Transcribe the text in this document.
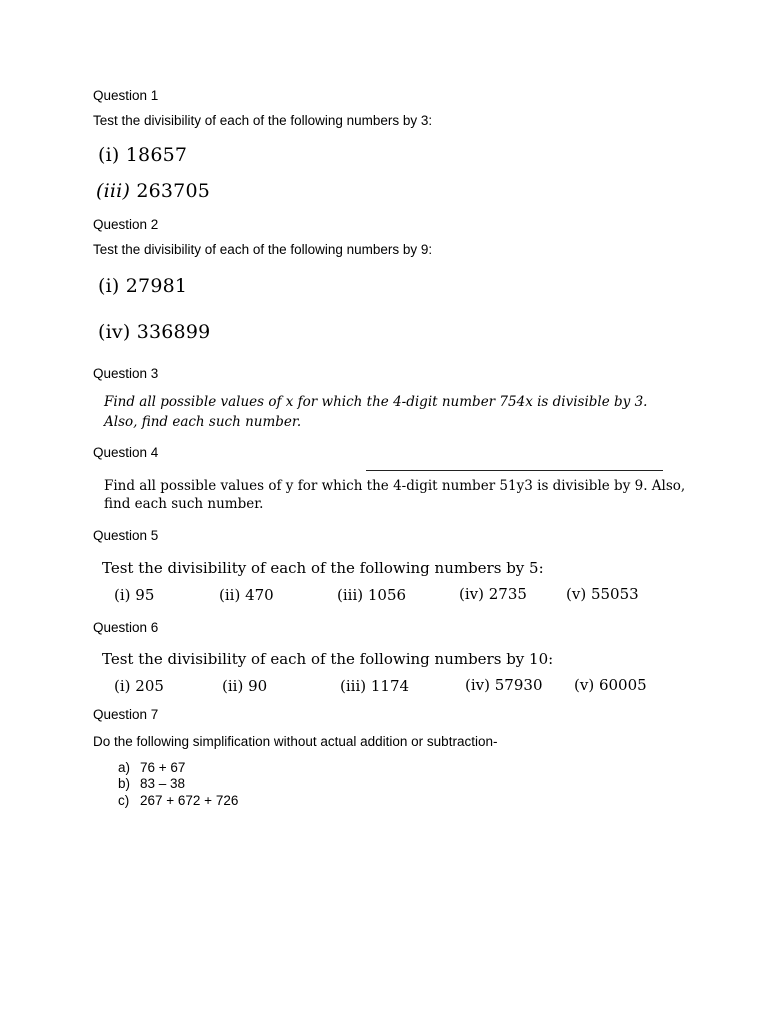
Question 1
Test the divisibility of each of the following numbers by 3:
(i) 18657
(iii) 263705
Question 2
Test the divisibility of each of the following numbers by 9:
(i) 27981
(iv) 336899
Question 3
Find all possible values of x for which the 4-digit number 754x is divisible by 3.
Also, find each such number.
Question 4
Find all possible values of y for which the 4-digit number 51y3 is divisible by 9. Also,
find each such number.
Question 5
Test the divisibility of each of the following numbers by 5:
(i) 95	(ii) 470	(iii) 1056	(iv) 2735	(v) 55053
Question 6
Test the divisibility of each of the following numbers by 10:
(i) 205	(ii) 90	(iii) 1174	(iv) 57930 (v) 60005
Question 7
Do the following simplification without actual addition or subtraction-
a) 76 + 67
b) 83 – 38
c) 267 + 672 + 726
